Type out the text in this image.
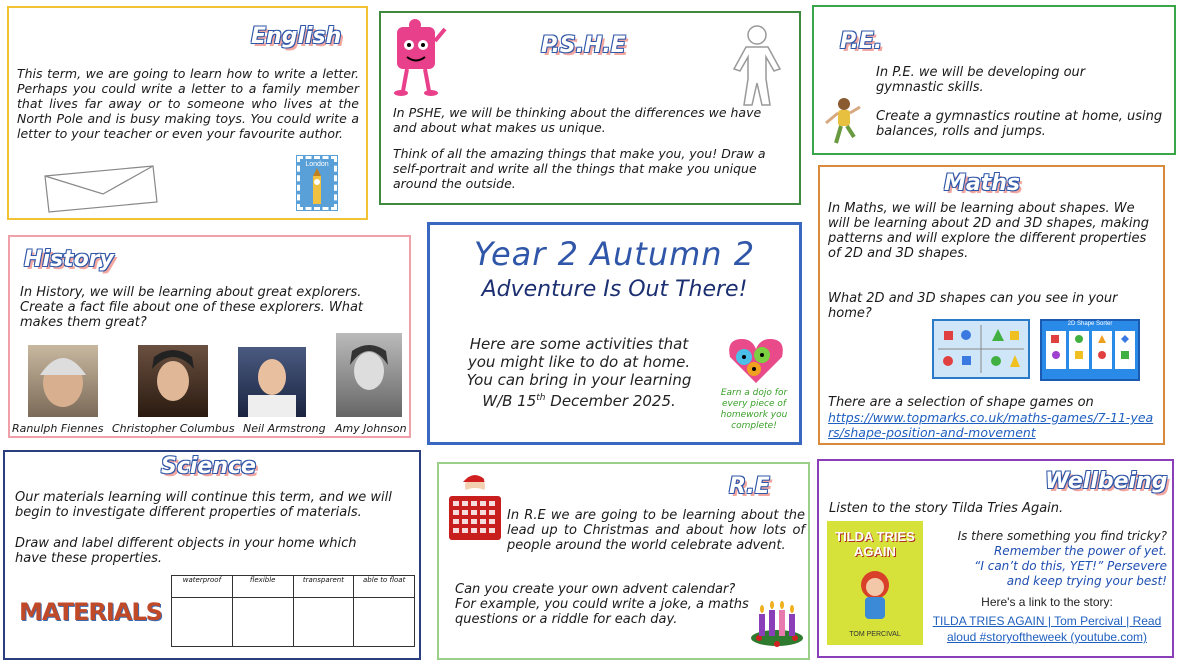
English
This term, we are going to learn how to write a letter. Perhaps you could write a letter to a family member that lives far away or to someone who lives at the North Pole and is busy making toys. You could write a letter to your teacher or even your favourite author.
London
P.S.H.E
In PSHE, we will be thinking about the differences we have and about what makes us unique.
Think of all the amazing things that make you, you! Draw a self-portrait and write all the things that make you unique around the outside.
P.E.
In P.E. we will be developing our gymnastic skills.
Create a gymnastics routine at home, using balances, rolls and jumps.
History
In History, we will be learning about great explorers. Create a fact file about one of these explorers. What makes them great?
Ranulph Fiennes Christopher Columbus Neil Armstrong Amy Johnson
Year 2 Autumn 2
Adventure Is Out There!
Here are some activities that
you might like to do at home.
You can bring in your learning
W/B 15th December 2025.	Earn a dojo for every piece of homework you complete!
Maths
In Maths, we will be learning about shapes. We will be learning about 2D and 3D shapes, making patterns and will explore the different properties of 2D and 3D shapes.
What 2D and 3D shapes can you see in your home?
2D Shape Sorter
There are a selection of shape games on
https://www.topmarks.co.uk/maths-games/7-11-years/shape-position-and-movement
Science
Our materials learning will continue this term, and we will begin to investigate different properties of materials.
Draw and label different objects in your home which have these properties.
MATERIALS
waterproof	flexible	transparent	able to float

R.E
In R.E we are going to be learning about the lead up to Christmas and about how lots of people around the world celebrate advent.
Can you create your own advent calendar? For example, you could write a joke, a maths questions or a riddle for each day.
Wellbeing
Listen to the story Tilda Tries Again.
TILDA TRIES AGAIN
TOM PERCIVAL
Is there something you find tricky?
Remember the power of yet.
“I can’t do this, YET!” Persevere
and keep trying your best!
Here's a link to the story:
TILDA TRIES AGAIN | Tom Percival | Read aloud #storyoftheweek (youtube.com)
